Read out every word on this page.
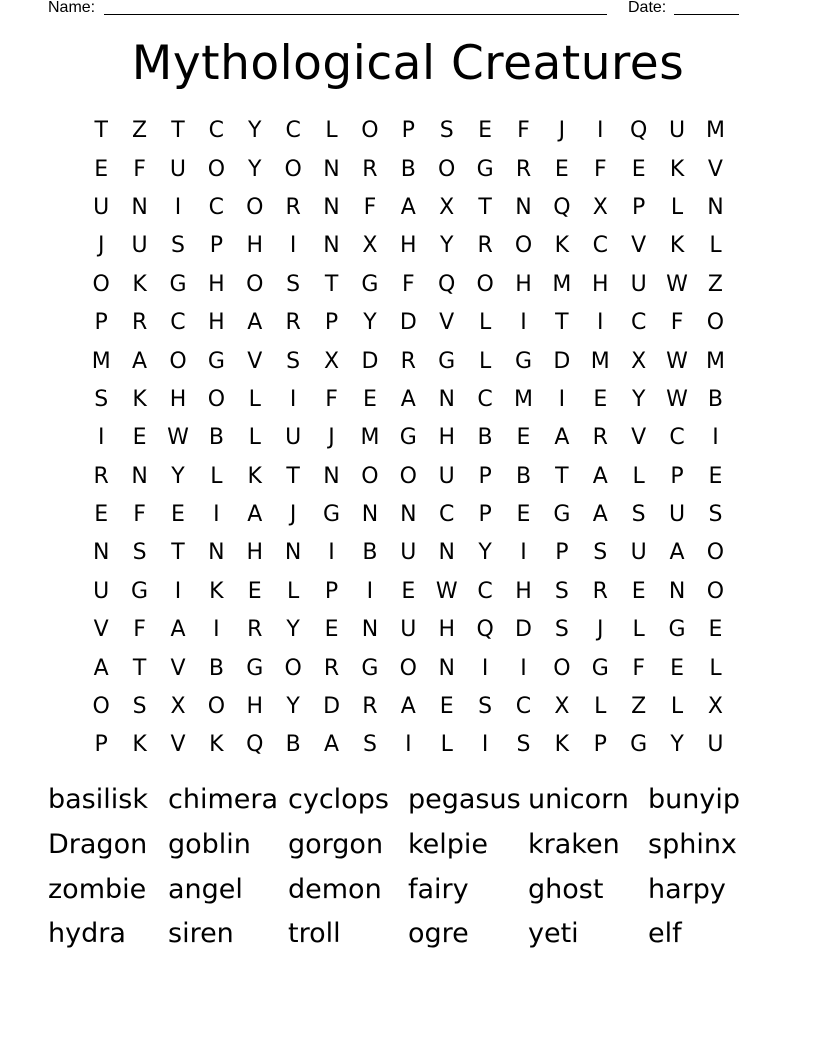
Name:	Date:
Mythological Creatures
T	Z	T	C	Y	C	L	O	P	S	E	F	J	I	Q U M
E	F	U O	Y	O N	R	B	O G	R	E	F	E	K	V
U	N	I	C	O	R	N	F	A	X	T	N Q	X	P	L	N
J	U	S	P	H	I	N	X	H	Y	R	O	K	C	V	K	L
O	K	G H O	S	T	G	F	Q O H M H	U W Z
P	R	C	H	A	R	P	Y	D	V	L	I	T	I	C	F	O
M A	O G	V	S	X	D	R	G	L	G D M X W M
S	K	H O	L	I	F	E	A	N	C M	I	E	Y W B
I	E W B	L	U	J	M G H	B	E	A	R	V	C	I
R	N	Y	L	K	T	N O O U	P	B	T	A	L	P	E
E	F	E	I	A	J	G N N	C	P	E	G	A	S	U	S
N	S	T	N H N	I	B	U	N	Y	I	P	S	U	A	O
U G	I	K	E	L	P	I	E W C	H	S	R	E	N O
V	F	A	I	R	Y	E	N	U	H Q D	S	J	L	G	E
A	T	V	B	G O	R	G O N	I	I	O G	F	E	L
O	S	X	O H	Y	D	R	A	E	S	C	X	L	Z	L	X
P	K	V	K	Q	B	A	S	I	L	I	S	K	P	G	Y	U
basilisk chimera cyclops pegasus unicorn bunyip
Dragon goblin	gorgon kelpie	kraken	sphinx
zombie angel	demon fairy	ghost	harpy
hydra	siren	troll	ogre	yeti	elf
